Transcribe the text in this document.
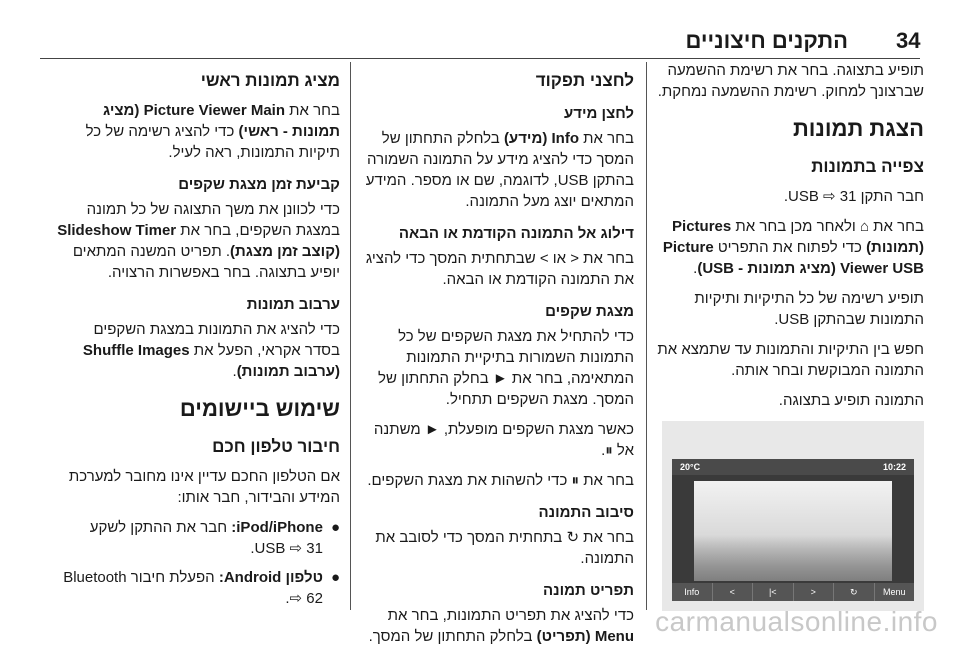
34
התקנים חיצוניים

תופיע בתצוגה. בחר את רשימת ההשמעה שברצונך למחוק. רשימת ההשמעה נמחקת.

הצגת תמונות
צפייה בתמונות

חבר התקן USB ⇨ 31.

בחר את ⌂ ולאחר מכן בחר את Pictures (תמונות) כדי לפתוח את התפריט Picture Viewer USB (מציג תמונות - USB).

תופיע רשימה של כל התיקיות ותיקיות התמונות שבהתקן USB.

חפש בין התיקיות והתמונות עד שתמצא את התמונה המבוקשת ובחר אותה.

התמונה תופיע בתצוגה.

20°C	10:22
Info	<	|<	>	↻	Menu
לחצני תפקוד
לחצן מידע

בחר את Info (מידע) בלחלק התחתון של המסך כדי להציג מידע על התמונה השמורה בהתקן USB, לדוגמה, שם או מספר. המידע המתאים יוצג מעל התמונה.

דילוג אל התמונה הקודמת או הבאה

בחר את < או > שבתחתית המסך כדי להציג את התמונה הקודמת או הבאה.

מצגת שקפים

כדי להתחיל את מצגת השקפים של כל התמונות השמורות בתיקיית התמונות המתאימה, בחר את ► בחלק התחתון של המסך. מצגת השקפים תתחיל.

כאשר מצגת השקפים מופעלת, ► משתנה אל ⏸.

בחר את ⏸ כדי להשהות את מצגת השקפים.

סיבוב התמונה

בחר את ↻ בתחתית המסך כדי לסובב את התמונה.

תפריט תמונה

כדי להציג את תפריט התמונות, בחר את Menu (תפריט) בלחלק התחתון של המסך.

מציג תמונות ראשי

בחר את Picture Viewer Main (מציג תמונות - ראשי) כדי להציג רשימה של כל תיקיות התמונות, ראה לעיל.

קביעת זמן מצגת שקפים

כדי לכוונן את משך התצוגה של כל תמונה במצגת השקפים, בחר את Slideshow Timer (קוצב זמן מצגת). תפריט המשנה המתאים יופיע בתצוגה. בחר באפשרות הרצויה.

ערבוב תמונות

כדי להציג את התמונות במצגת השקפים בסדר אקראי, הפעל את Shuffle Images (ערבוב תמונות).

שימוש ביישומים
חיבור טלפון חכם

אם הטלפון החכם עדיין אינו מחובר למערכת המידע והבידור, חבר אותו:

●
iPod/iPhone: חבר את ההתקן לשקע USB ⇨ 31.
●
טלפון Android: הפעלת חיבור Bluetooth ⇨ 62.
carmanualsonline.info
